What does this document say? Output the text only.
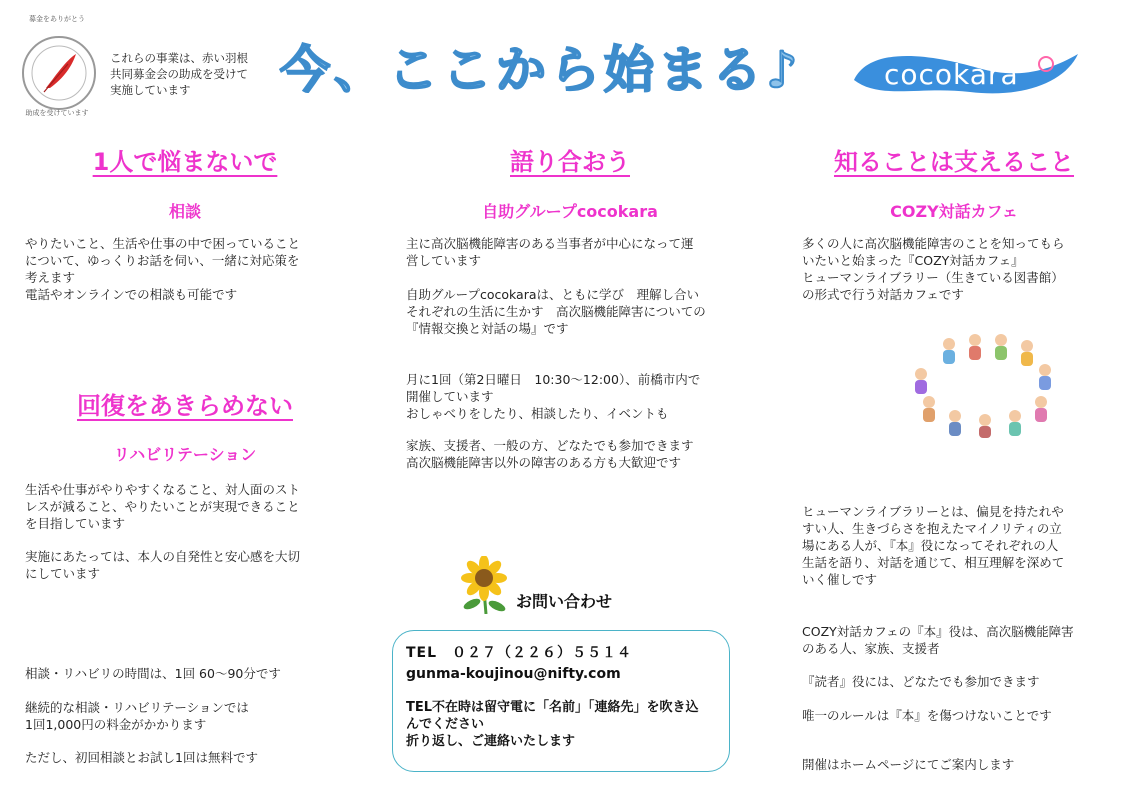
募金をありがとう
助成を受けています
これらの事業は、赤い羽根
共同募金会の助成を受けて
実施しています	今、ここから始まる♪	cocokara
1人で悩まないで
相談
やりたいこと、生活や仕事の中で困っていること
について、ゆっくりお話を伺い、一緒に対応策を
考えます
電話やオンラインでの相談も可能です
回復をあきらめない
リハビリテーション
生活や仕事がやりやすくなること、対人面のスト
レスが減ること、やりたいことが実現できること
を目指しています
実施にあたっては、本人の自発性と安心感を大切
にしています
相談・リハビリの時間は、1回 60〜90分です
継続的な相談・リハビリテーションでは
1回1,000円の料金がかかります
ただし、初回相談とお試し1回は無料です
語り合おう
自助グループcocokara
主に高次脳機能障害のある当事者が中心になって運
営しています
自助グループcocokaraは、ともに学び　理解し合い
それぞれの生活に生かす　高次脳機能障害についての
『情報交換と対話の場』です
月に1回（第2日曜日　10:30〜12:00）、前橋市内で
開催しています
おしゃべりをしたり、相談したり、イベントも
家族、支援者、一般の方、どなたでも参加できます
高次脳機能障害以外の障害のある方も大歓迎です
お問い合わせ
TEL　０２７（２２６）５５１４
gunma-koujinou@nifty.com
TEL不在時は留守電に「名前」「連絡先」を吹き込
んでください
折り返し、ご連絡いたします
知ることは支えること
COZY対話カフェ
多くの人に高次脳機能障害のことを知ってもら
いたいと始まった『COZY対話カフェ』
ヒューマンライブラリー（生きている図書館）
の形式で行う対話カフェです
ヒューマンライブラリーとは、偏見を持たれや
すい人、生きづらさを抱えたマイノリティの立
場にある人が、『本』役になってそれぞれの人
生話を語り、対話を通じて、相互理解を深めて
いく催しです
COZY対話カフェの『本』役は、高次脳機能障害
のある人、家族、支援者
『読者』役には、どなたでも参加できます
唯一のルールは『本』を傷つけないことです
開催はホームページにてご案内します
